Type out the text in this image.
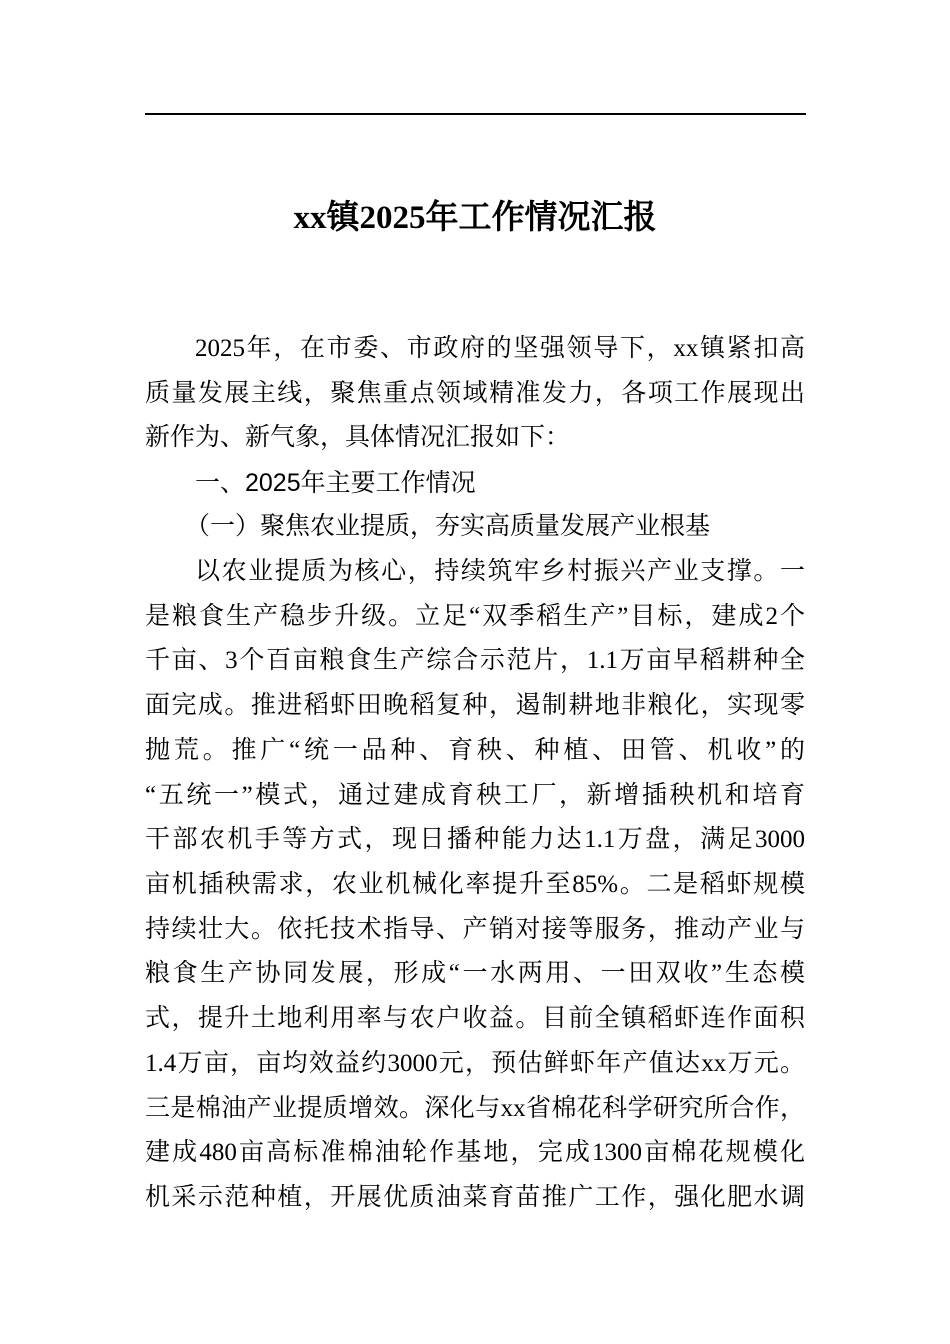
xx镇2025年工作情况汇报
2025年，在市委、市政府的坚强领导下，xx镇紧扣高
质量发展主线，聚焦重点领域精准发力，各项工作展现出
新作为、新气象，具体情况汇报如下：
一、2025年主要工作情况
（一）聚焦农业提质，夯实高质量发展产业根基
以农业提质为核心，持续筑牢乡村振兴产业支撑。一
是粮食生产稳步升级。立足“双季稻生产”目标，建成2个
千亩、3个百亩粮食生产综合示范片，1.1万亩早稻耕种全
面完成。推进稻虾田晚稻复种，遏制耕地非粮化，实现零
抛荒。推广“统一品种、育秧、种植、田管、机收”的
“五统一”模式，通过建成育秧工厂，新增插秧机和培育
干部农机手等方式，现日播种能力达1.1万盘，满足3000
亩机插秧需求，农业机械化率提升至85%。二是稻虾规模
持续壮大。依托技术指导、产销对接等服务，推动产业与
粮食生产协同发展，形成“一水两用、一田双收”生态模
式，提升土地利用率与农户收益。目前全镇稻虾连作面积
1.4万亩，亩均效益约3000元，预估鲜虾年产值达xx万元。
三是棉油产业提质增效。深化与xx省棉花科学研究所合作，
建成480亩高标准棉油轮作基地，完成1300亩棉花规模化
机采示范种植，开展优质油菜育苗推广工作，强化肥水调
